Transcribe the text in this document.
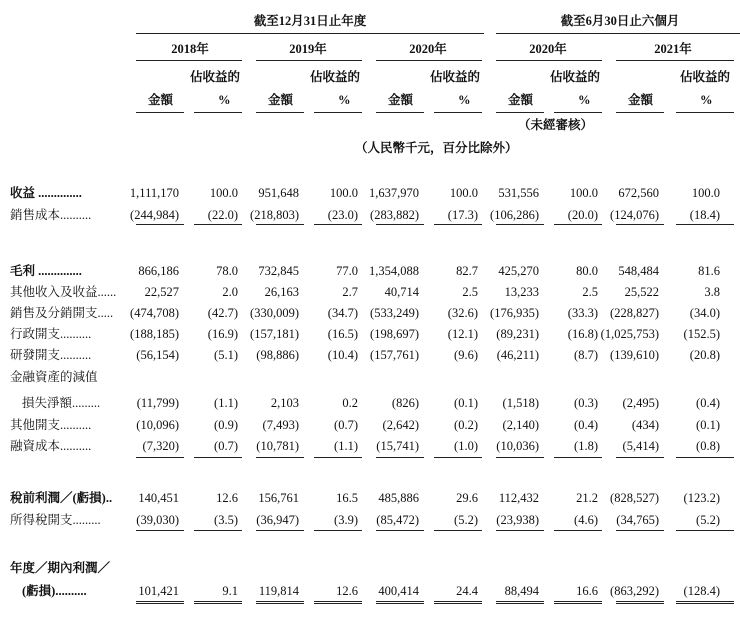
截至12月31日止年度	截至6月30日止六個月
2018年	2019年	2020年	2020年	2021年
佔收益的	佔收益的	佔收益的	佔收益的	佔收益的
金額	%	金額	%	金額	%	金額	%	金額	%
（未經審核）
（人民幣千元，百分比除外）
收益 ..............	1,111,170	100.0	951,648	100.0 1,637,970	100.0	531,556	100.0	672,560	100.0
銷售成本..........	(244,984)	(22.0) (218,803)	(23.0) (283,882)	(17.3) (106,286)	(20.0) (124,076)	(18.4)
毛利 ..............	866,186	78.0	732,845	77.0 1,354,088	82.7	425,270	80.0	548,484	81.6
其他收入及收益......	22,527	2.0	26,163	2.7	40,714	2.5	13,233	2.5	25,522	3.8
銷售及分銷開支.....	(474,708)	(42.7) (330,009)	(34.7) (533,249)	(32.6) (176,935)	(33.3) (228,827)	(34.0)
行政開支..........	(188,185)	(16.9) (157,181)	(16.5) (198,697)	(12.1)	(89,231)	(16.8) (1,025,753)	(152.5)
研發開支..........	(56,154)	(5.1)	(98,886)	(10.4) (157,761)	(9.6)	(46,211)	(8.7) (139,610)	(20.8)
金融資產的減值
損失淨額.........	(11,799)	(1.1)	2,103	0.2	(826)	(0.1)	(1,518)	(0.3)	(2,495)	(0.4)
其他開支..........	(10,096)	(0.9)	(7,493)	(0.7)	(2,642)	(0.2)	(2,140)	(0.4)	(434)	(0.1)
融資成本..........	(7,320)	(0.7)	(10,781)	(1.1)	(15,741)	(1.0)	(10,036)	(1.8)	(5,414)	(0.8)
稅前利潤／(虧損)..	140,451	12.6	156,761	16.5	485,886	29.6	112,432	21.2 (828,527)	(123.2)
所得稅開支.........	(39,030)	(3.5)	(36,947)	(3.9)	(85,472)	(5.2)	(23,938)	(4.6)	(34,765)	(5.2)
年度／期內利潤／
(虧損)..........	101,421	9.1	119,814	12.6	400,414	24.4	88,494	16.6 (863,292)	(128.4)
